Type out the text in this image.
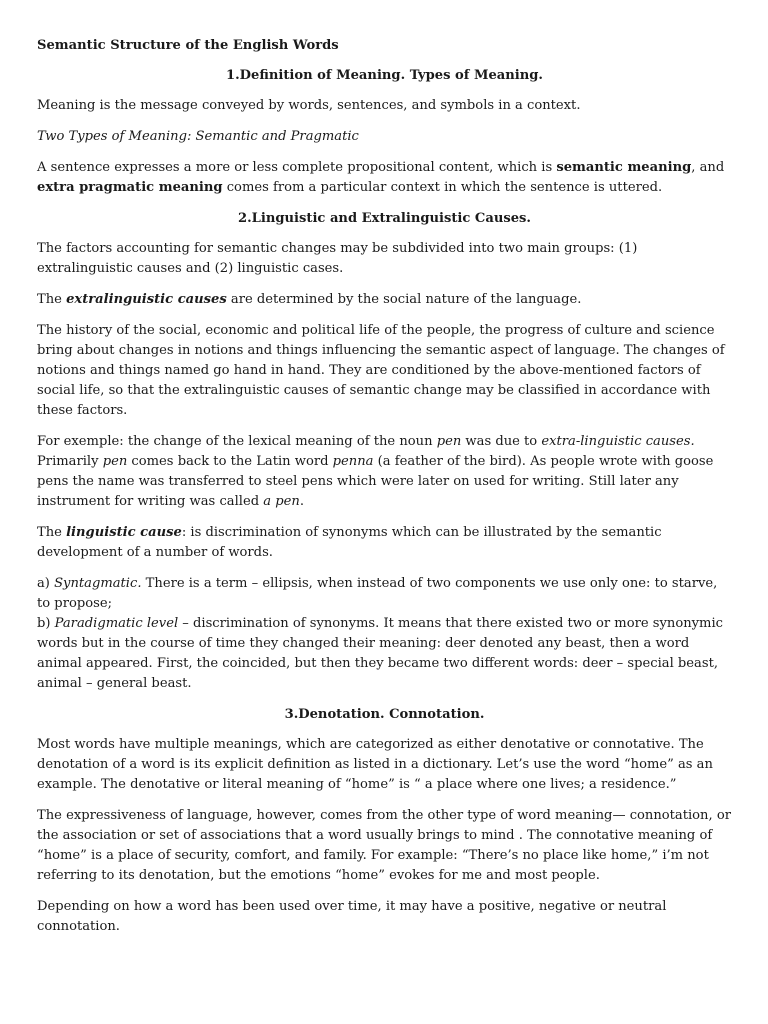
Semantic Structure of the English Words

1.Definition of Meaning. Types of Meaning.

Meaning is the message conveyed by words, sentences, and symbols in a context.

Two Types of Meaning: Semantic and Pragmatic

A sentence expresses a more or less complete propositional content, which is semantic meaning, and extra pragmatic meaning comes from a particular context in which the sentence is uttered.

2.Linguistic and Extralinguistic Causes.

The factors accounting for semantic changes may be subdivided into two main groups: (1) extralinguistic causes and (2) linguistic cases.

The extralinguistic causes are determined by the social nature of the language.

The history of the social, economic and political life of the people, the progress of culture and science bring about changes in notions and things influencing the semantic aspect of language. The changes of notions and things named go hand in hand. They are conditioned by the above-mentioned factors of social life, so that the extralinguistic causes of semantic change may be classified in accordance with these factors.

For exemple: the change of the lexical meaning of the noun pen was due to extra-linguistic causes. Primarily pen comes back to the Latin word penna (a feather of the bird). As people wrote with goose pens the name was transferred to steel pens which were later on used for writing. Still later any instrument for writing was called a pen.

The linguistic cause: is discrimination of synonyms which can be illustrated by the semantic development of a number of words.

a) Syntagmatic. There is a term – ellipsis, when instead of two components we use only one: to starve, to propose;

b) Paradigmatic level – discrimination of synonyms. It means that there existed two or more synonymic words but in the course of time they changed their meaning: deer denoted any beast, then a word animal appeared. First, the coincided, but then they became two different words: deer – special beast, animal – general beast.

3.Denotation. Connotation.

Most words have multiple meanings, which are categorized as either denotative or connotative. The denotation of a word is its explicit definition as listed in a dictionary. Let’s use the word “home” as an example. The denotative or literal meaning of “home” is “ a place where one lives; a residence.”

The expressiveness of language, however, comes from the other type of word meaning— connotation, or the association or set of associations that a word usually brings to mind . The connotative meaning of “home” is a place of security, comfort, and family. For example: “There’s no place like home,” i’m not referring to its denotation, but the emotions “home” evokes for me and most people.

Depending on how a word has been used over time, it may have a positive, negative or neutral connotation.
